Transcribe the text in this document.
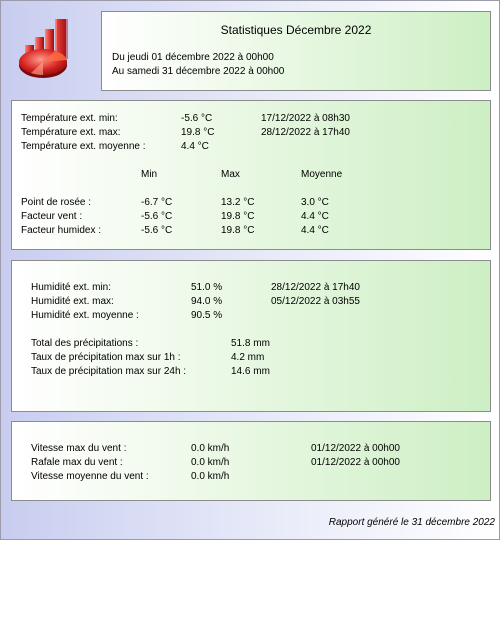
Statistiques Décembre 2022
Du jeudi 01 décembre 2022 à 00h00
Au samedi 31 décembre 2022 à 00h00
Température ext. min:	-5.6 °C	17/12/2022 à 08h30
Température ext. max:	19.8 °C	28/12/2022 à 17h40
Température ext. moyenne :	4.4 °C
Min	Max	Moyenne
Point de rosée :	-6.7 °C	13.2 °C	3.0 °C
Facteur vent :	-5.6 °C	19.8 °C	4.4 °C
Facteur humidex :	-5.6 °C	19.8 °C	4.4 °C
Humidité ext. min:	51.0 %	28/12/2022 à 17h40
Humidité ext. max:	94.0 %	05/12/2022 à 03h55
Humidité ext. moyenne :	90.5 %
Total des précipitations :	51.8 mm
Taux de précipitation max sur 1h :	4.2 mm
Taux de précipitation max sur 24h :	14.6 mm
Vitesse max du vent :	0.0 km/h	01/12/2022 à 00h00
Rafale max du vent :	0.0 km/h	01/12/2022 à 00h00
Vitesse moyenne du vent :	0.0 km/h
Rapport généré le 31 décembre 2022
